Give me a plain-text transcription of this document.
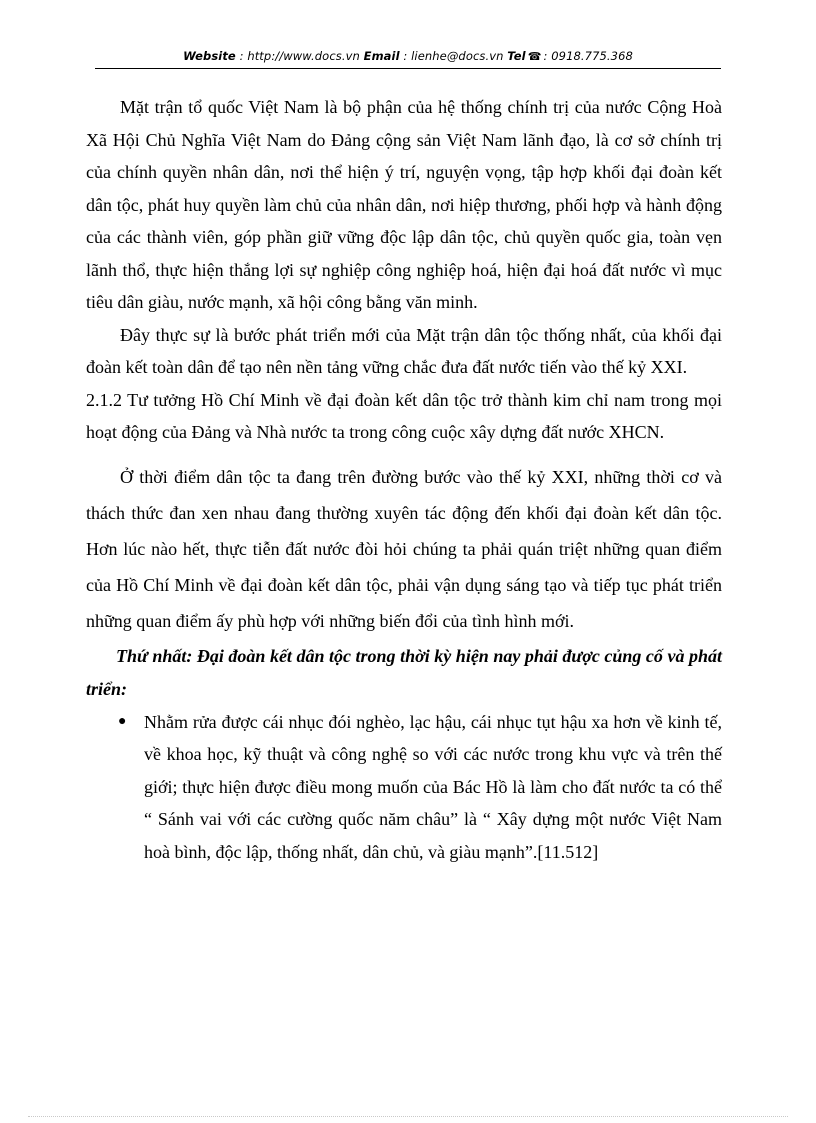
Website : http://www.docs.vn Email : lienhe@docs.vn Tel ☎ : 0918.775.368

Mặt trận tổ quốc Việt Nam là bộ phận của hệ thống chính trị của nước Cộng Hoà Xã Hội Chủ Nghĩa Việt Nam do Đảng cộng sản Việt Nam lãnh đạo, là cơ sở chính trị của chính quyền nhân dân, nơi thể hiện ý trí, nguyện vọng, tập hợp khối đại đoàn kết dân tộc, phát huy quyền làm chủ của nhân dân, nơi hiệp thương, phối hợp và hành động của các thành viên, góp phần giữ vững độc lập dân tộc, chủ quyền quốc gia, toàn vẹn lãnh thổ, thực hiện thắng lợi sự nghiệp công nghiệp hoá, hiện đại hoá đất nước vì mục tiêu dân giàu, nước mạnh, xã hội công bằng văn minh.

Đây thực sự là bước phát triển mới của Mặt trận dân tộc thống nhất, của khối đại đoàn kết toàn dân để tạo nên nền tảng vững chắc đưa đất nước tiến vào thế kỷ XXI.

2.1.2 Tư tưởng Hồ Chí Minh về đại đoàn kết dân tộc trở thành kim chỉ nam trong mọi hoạt động của Đảng và Nhà nước ta trong công cuộc xây dựng đất nước XHCN.

Ở thời điểm dân tộc ta đang trên đường bước vào thế kỷ XXI, những thời cơ và thách thức đan xen nhau đang thường xuyên tác động đến khối đại đoàn kết dân tộc. Hơn lúc nào hết, thực tiễn đất nước đòi hỏi chúng ta phải quán triệt những quan điểm của Hồ Chí Minh về đại đoàn kết dân tộc, phải vận dụng sáng tạo và tiếp tục phát triển những quan điểm ấy phù hợp với những biến đổi của tình hình mới.

Thứ nhất: Đại đoàn kết dân tộc trong thời kỳ hiện nay phải được củng cố và phát triển:

● Nhằm rửa được cái nhục đói nghèo, lạc hậu, cái nhục tụt hậu xa hơn về kinh tế, về khoa học, kỹ thuật và công nghệ so với các nước trong khu vực và trên thế giới; thực hiện được điều mong muốn của Bác Hồ là làm cho đất nước ta có thể “ Sánh vai với các cường quốc năm châu” là “ Xây dựng một nước Việt Nam hoà bình, độc lập, thống nhất, dân chủ, và giàu mạnh”.[11.512]
